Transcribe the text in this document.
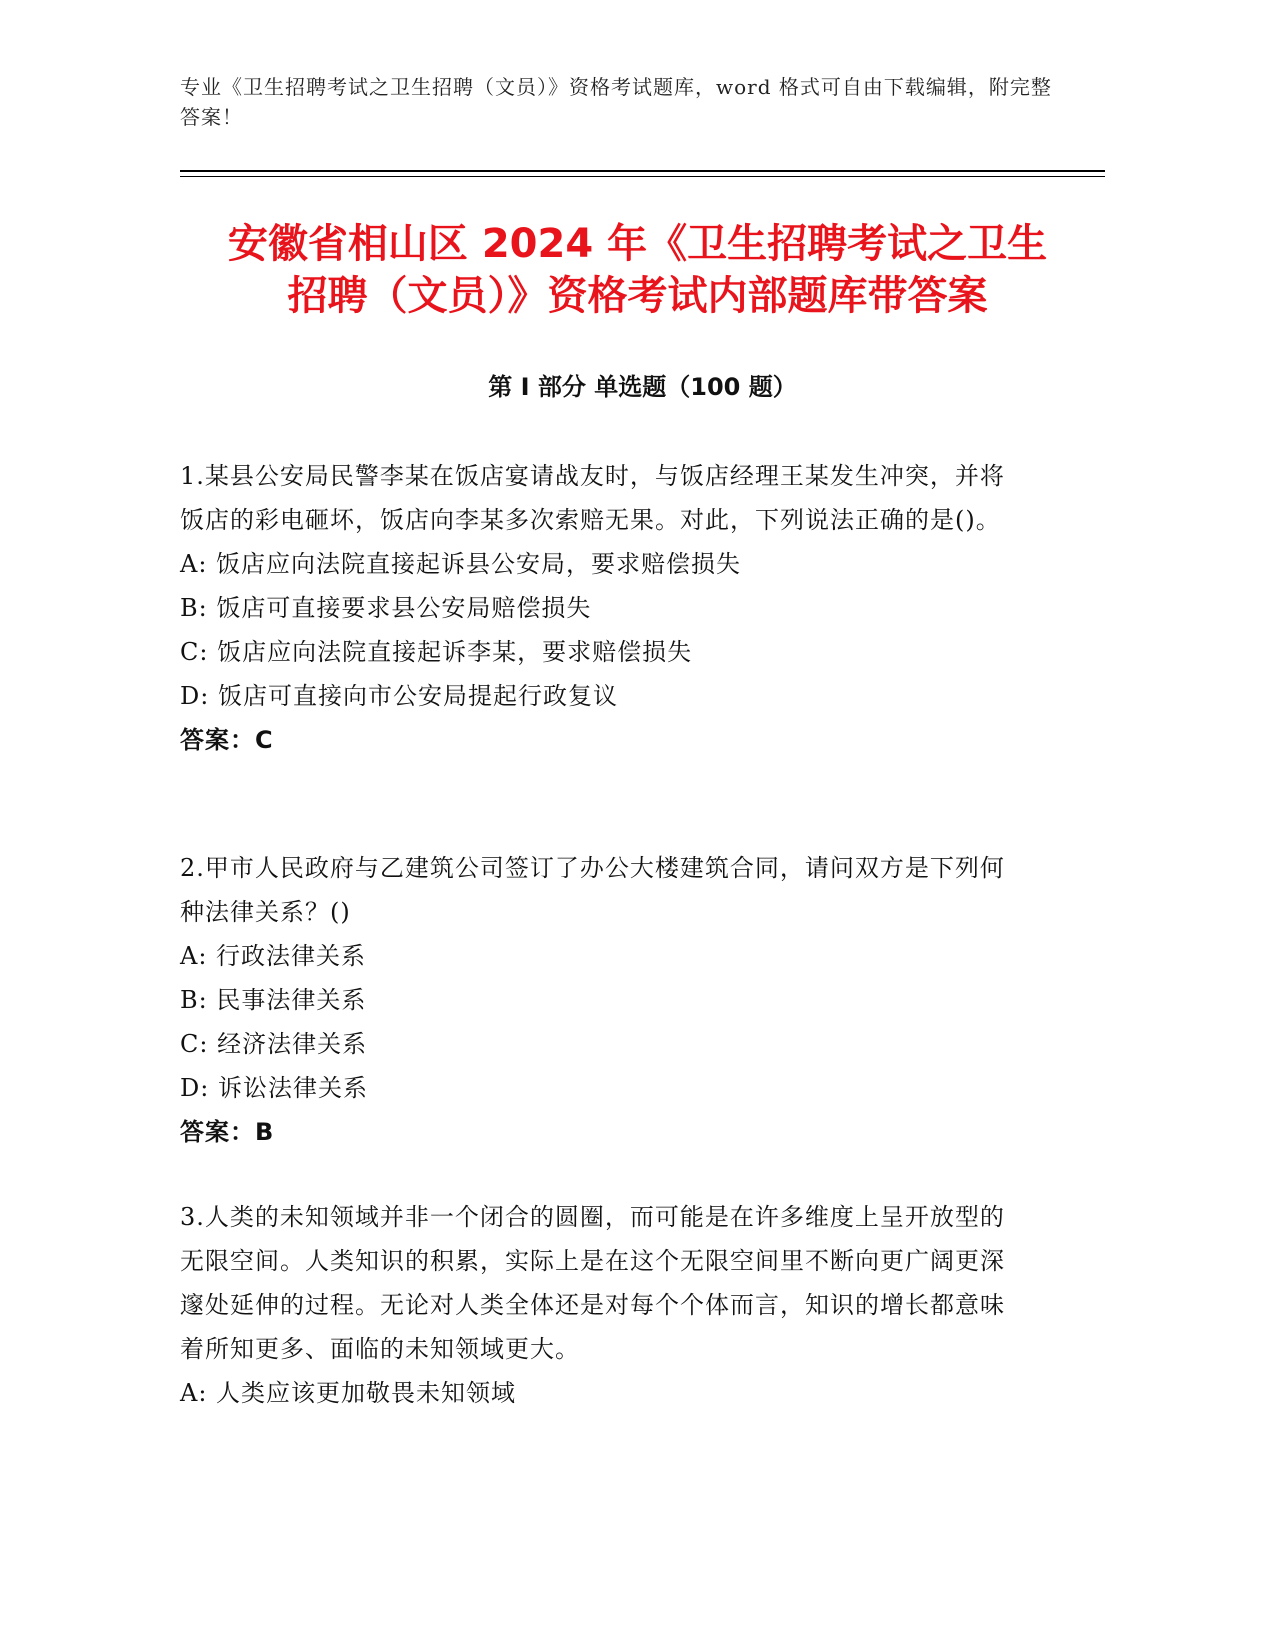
专业《卫生招聘考试之卫生招聘（文员）》资格考试题库，word 格式可自由下载编辑，附完整答案！
安徽省相山区 2024 年《卫生招聘考试之卫生
招聘（文员）》资格考试内部题库带答案
第 I 部分 单选题（100 题）
1.某县公安局民警李某在饭店宴请战友时，与饭店经理王某发生冲突，并将饭店的彩电砸坏，饭店向李某多次索赔无果。对此，下列说法正确的是()。
A: 饭店应向法院直接起诉县公安局，要求赔偿损失
B: 饭店可直接要求县公安局赔偿损失
C: 饭店应向法院直接起诉李某，要求赔偿损失
D: 饭店可直接向市公安局提起行政复议
答案：C
2.甲市人民政府与乙建筑公司签订了办公大楼建筑合同，请问双方是下列何种法律关系？()
A: 行政法律关系
B: 民事法律关系
C: 经济法律关系
D: 诉讼法律关系
答案：B
3.人类的未知领域并非一个闭合的圆圈，而可能是在许多维度上呈开放型的无限空间。人类知识的积累，实际上是在这个无限空间里不断向更广阔更深邃处延伸的过程。无论对人类全体还是对每个个体而言，知识的增长都意味着所知更多、面临的未知领域更大。
A: 人类应该更加敬畏未知领域
